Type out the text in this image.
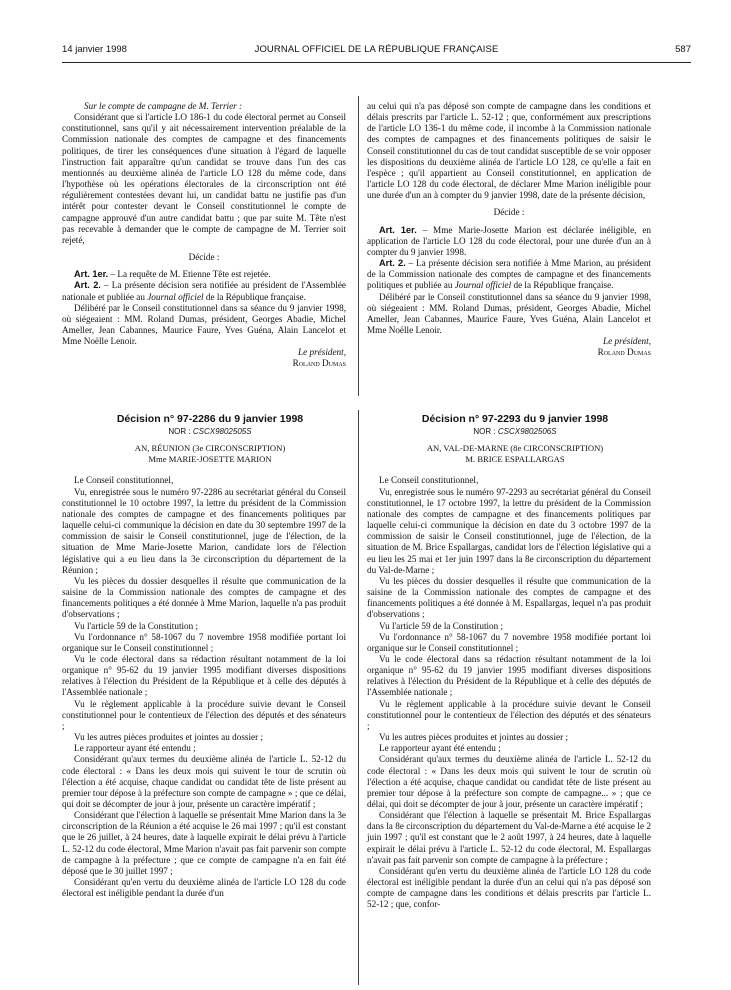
14 janvier 1998	JOURNAL OFFICIEL DE LA RÉPUBLIQUE FRANÇAISE	587

Sur le compte de campagne de M. Terrier :

Considérant que si l'article LO 186-1 du code électoral permet au Conseil constitutionnel, sans qu'il y ait nécessairement intervention préalable de la Commission nationale des comptes de campagne et des financements politiques, de tirer les conséquences d'une situation à l'égard de laquelle l'instruction fait apparaître qu'un candidat se trouve dans l'un des cas mentionnés au deuxième alinéa de l'article LO 128 du même code, dans l'hypothèse où les opérations électorales de la circonscription ont été régulièrement contestées devant lui, un candidat battu ne justifie pas d'un intérêt pour contester devant le Conseil constitutionnel le compte de campagne approuvé d'un autre candidat battu ; que par suite M. Tête n'est pas recevable à demander que le compte de campagne de M. Terrier soit rejeté,

Décide :

Art. 1er. – La requête de M. Etienne Tête est rejetée.

Art. 2. – La présente décision sera notifiée au président de l'Assemblée nationale et publiée au Journal officiel de la République française.

Délibéré par le Conseil constitutionnel dans sa séance du 9 janvier 1998, où siégeaient : MM. Roland Dumas, président, Georges Abadie, Michel Ameller, Jean Cabannes, Maurice Faure, Yves Guéna, Alain Lancelot et Mme Noëlle Lenoir.

Le président,

Roland Dumas

au celui qui n'a pas déposé son compte de campagne dans les conditions et délais prescrits par l'article L. 52-12 ; que, conformément aux prescriptions de l'article LO 136-1 du même code, il incombe à la Commission nationale des comptes de campagnes et des financements politiques de saisir le Conseil constitutionnel du cas de tout candidat susceptible de se voir opposer les dispositions du deuxième alinéa de l'article LO 128, ce qu'elle a fait en l'espèce ; qu'il appartient au Conseil constitutionnel, en application de l'article LO 128 du code électoral, de déclarer Mme Marion inéligible pour une durée d'un an à compter du 9 janvier 1998, date de la présente décision,

Décide :

Art. 1er. – Mme Marie-Josette Marion est déclarée inéligible, en application de l'article LO 128 du code électoral, pour une durée d'un an à compter du 9 janvier 1998.

Art. 2. – La présente décision sera notifiée à Mme Marion, au président de la Commission nationale des comptes de campagne et des financements politiques et publiée au Journal officiel de la République française.

Délibéré par le Conseil constitutionnel dans sa séance du 9 janvier 1998, où siégeaient : MM. Roland Dumas, président, Georges Abadie, Michel Ameller, Jean Cabannes, Maurice Faure, Yves Guéna, Alain Lancelot et Mme Noëlle Lenoir.

Le président,

Roland Dumas

Décision n° 97-2286 du 9 janvier 1998

NOR : CSCX9802505S

AN, RÉUNION (3e CIRCONSCRIPTION)

Mme MARIE-JOSETTE MARION

Le Conseil constitutionnel,

Vu, enregistrée sous le numéro 97-2286 au secrétariat général du Conseil constitutionnel le 10 octobre 1997, la lettre du président de la Commission nationale des comptes de campagne et des financements politiques par laquelle celui-ci communique la décision en date du 30 septembre 1997 de la commission de saisir le Conseil constitutionnel, juge de l'élection, de la situation de Mme Marie-Josette Marion, candidate lors de l'élection législative qui a eu lieu dans la 3e circonscription du département de la Réunion ;

Vu les pièces du dossier desquelles il résulte que communication de la saisine de la Commission nationale des comptes de campagne et des financements politiques a été donnée à Mme Marion, laquelle n'a pas produit d'observations ;

Vu l'article 59 de la Constitution ;

Vu l'ordonnance n° 58-1067 du 7 novembre 1958 modifiée portant loi organique sur le Conseil constitutionnel ;

Vu le code électoral dans sa rédaction résultant notamment de la loi organique n° 95-62 du 19 janvier 1995 modifiant diverses dispositions relatives à l'élection du Président de la République et à celle des députés à l'Assemblée nationale ;

Vu le règlement applicable à la procédure suivie devant le Conseil constitutionnel pour le contentieux de l'élection des députés et des sénateurs ;

Vu les autres pièces produites et jointes au dossier ;

Le rapporteur ayant été entendu ;

Considérant qu'aux termes du deuxième alinéa de l'article L. 52-12 du code électoral : « Dans les deux mois qui suivent le tour de scrutin où l'élection a été acquise, chaque candidat ou candidat tête de liste présent au premier tour dépose à la préfecture son compte de campagne » ; que ce délai, qui doit se décompter de jour à jour, présente un caractère impératif ;

Considérant que l'élection à laquelle se présentait Mme Marion dans la 3e circonscription de la Réunion a été acquise le 26 mai 1997 ; qu'il est constant que le 26 juillet, à 24 heures, date à laquelle expirait le délai prévu à l'article L. 52-12 du code électoral, Mme Marion n'avait pas fait parvenir son compte de campagne à la préfecture ; que ce compte de campagne n'a en fait été déposé que le 30 juillet 1997 ;

Considérant qu'en vertu du deuxième alinéa de l'article LO 128 du code électoral est inéligible pendant la durée d'un

Décision n° 97-2293 du 9 janvier 1998

NOR : CSCX9802506S

AN, VAL-DE-MARNE (8e CIRCONSCRIPTION)

M. BRICE ESPALLARGAS

Le Conseil constitutionnel,

Vu, enregistrée sous le numéro 97-2293 au secrétariat général du Conseil constitutionnel, le 17 octobre 1997, la lettre du président de la Commission nationale des comptes de campagne et des financements politiques par laquelle celui-ci communique la décision en date du 3 octobre 1997 de la commission de saisir le Conseil constitutionnel, juge de l'élection, de la situation de M. Brice Espallargas, candidat lors de l'élection législative qui a eu lieu les 25 mai et 1er juin 1997 dans la 8e circonscription du département du Val-de-Marne ;

Vu les pièces du dossier desquelles il résulte que communication de la saisine de la Commission nationale des comptes de campagne et des financements politiques a été donnée à M. Espallargas, lequel n'a pas produit d'observations ;

Vu l'article 59 de la Constitution ;

Vu l'ordonnance n° 58-1067 du 7 novembre 1958 modifiée portant loi organique sur le Conseil constitutionnel ;

Vu le code électoral dans sa rédaction résultant notamment de la loi organique n° 95-62 du 19 janvier 1995 modifiant diverses dispositions relatives à l'élection du Président de la République et à celle des députés de l'Assemblée nationale ;

Vu le règlement applicable à la procédure suivie devant le Conseil constitutionnel pour le contentieux de l'élection des députés et des sénateurs ;

Vu les autres pièces produites et jointes au dossier ;

Le rapporteur ayant été entendu ;

Considérant qu'aux termes du deuxième alinéa de l'article L. 52-12 du code électoral : « Dans les deux mois qui suivent le tour de scrutin où l'élection a été acquise, chaque candidat ou candidat tête de liste présent au premier tour dépose à la préfecture son compte de campagne... » ; que ce délai, qui doit se décompter de jour à jour, présente un caractère impératif ;

Considérant que l'élection à laquelle se présentait M. Brice Espallargas dans la 8e circonscription du département du Val-de-Marne a été acquise le 2 juin 1997 ; qu'il est constant que le 2 août 1997, à 24 heures, date à laquelle expirait le délai prévu à l'article L. 52-12 du code électoral, M. Espallargas n'avait pas fait parvenir son compte de campagne à la préfecture ;

Considérant qu'en vertu du deuxième alinéa de l'article LO 128 du code électoral est inéligible pendant la durée d'un an celui qui n'a pas déposé son compte de campagne dans les conditions et délais prescrits par l'article L. 52-12 ; que, confor-
